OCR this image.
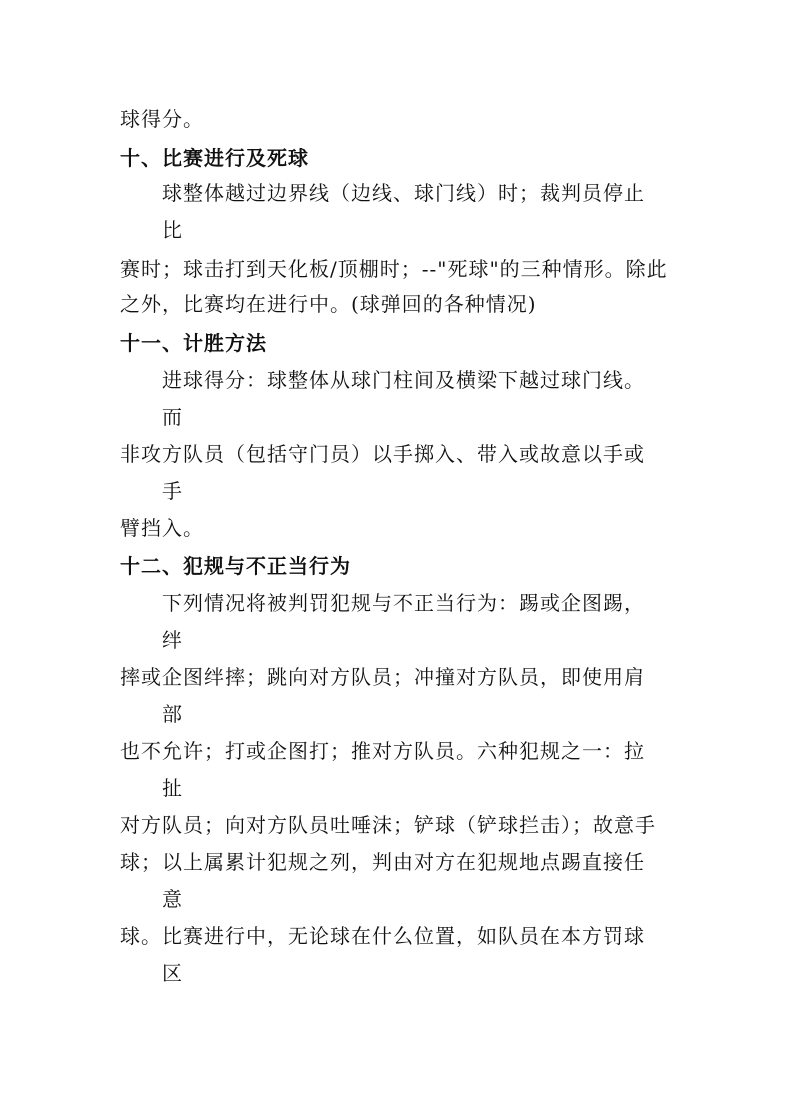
球得分。
十、比赛进行及死球
球整体越过边界线（边线、球门线）时；裁判员停止
比
赛时；球击打到天化板/顶棚时；--"死球"的三种情形。除此
之外，比赛均在进行中。(球弹回的各种情况)
十一、计胜方法
进球得分：球整体从球门柱间及横梁下越过球门线。
而
非攻方队员（包括守门员）以手掷入、带入或故意以手或
手
臂挡入。
十二、犯规与不正当行为
下列情况将被判罚犯规与不正当行为：踢或企图踢，
绊
摔或企图绊摔；跳向对方队员；冲撞对方队员，即使用肩
部
也不允许；打或企图打；推对方队员。六种犯规之一：拉
扯
对方队员；向对方队员吐唾沫；铲球（铲球拦击）；故意手
球；以上属累计犯规之列，判由对方在犯规地点踢直接任
意
球。比赛进行中，无论球在什么位置，如队员在本方罚球
区
